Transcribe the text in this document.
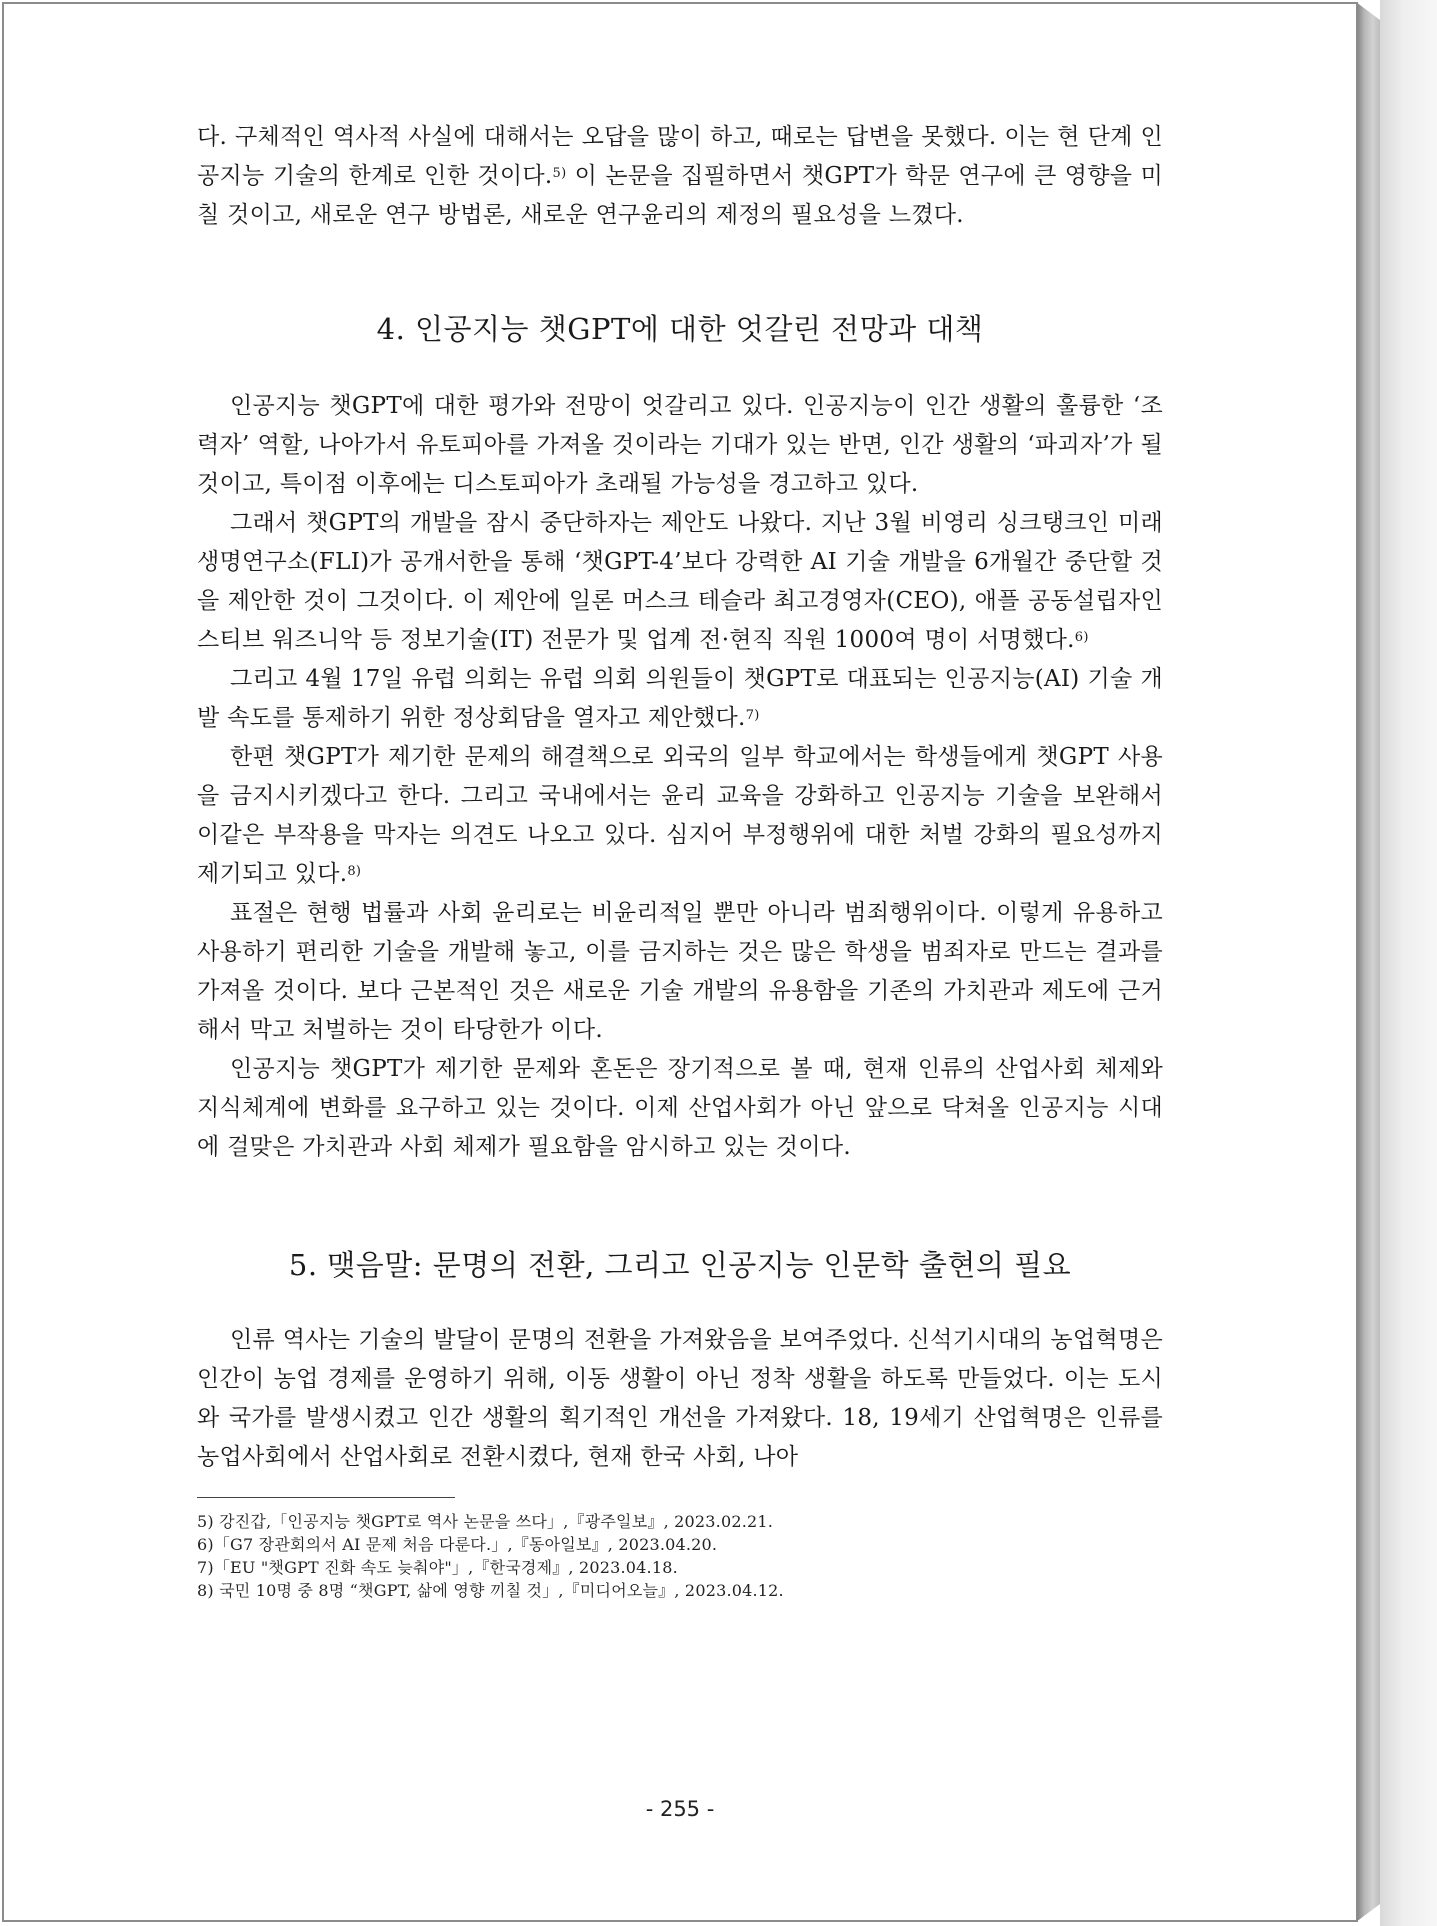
다. 구체적인 역사적 사실에 대해서는 오답을 많이 하고, 때로는 답변을 못했다. 이는 현 단계 인공지능 기술의 한계로 인한 것이다.$^{5)}$ 이 논문을 집필하면서 챗GPT가 학문 연구에 큰 영향을 미칠 것이고, 새로운 연구 방법론, 새로운 연구윤리의 제정의 필요성을 느꼈다.

4. 인공지능 챗GPT에 대한 엇갈린 전망과 대책

인공지능 챗GPT에 대한 평가와 전망이 엇갈리고 있다. 인공지능이 인간 생활의 훌륭한 ‘조력자’ 역할, 나아가서 유토피아를 가져올 것이라는 기대가 있는 반면, 인간 생활의 ‘파괴자’가 될 것이고, 특이점 이후에는 디스토피아가 초래될 가능성을 경고하고 있다.

그래서 챗GPT의 개발을 잠시 중단하자는 제안도 나왔다. 지난 3월 비영리 싱크탱크인 미래생명연구소(FLI)가 공개서한을 통해 ‘챗GPT-4’보다 강력한 AI 기술 개발을 6개월간 중단할 것을 제안한 것이 그것이다. 이 제안에 일론 머스크 테슬라 최고경영자(CEO), 애플 공동설립자인 스티브 워즈니악 등 정보기술(IT) 전문가 및 업계 전·현직 직원 1000여 명이 서명했다.$^{6)}$

그리고 4월 17일 유럽 의회는 유럽 의회 의원들이 챗GPT로 대표되는 인공지능(AI) 기술 개발 속도를 통제하기 위한 정상회담을 열자고 제안했다.$^{7)}$

한편 챗GPT가 제기한 문제의 해결책으로 외국의 일부 학교에서는 학생들에게 챗GPT 사용을 금지시키겠다고 한다. 그리고 국내에서는 윤리 교육을 강화하고 인공지능 기술을 보완해서 이같은 부작용을 막자는 의견도 나오고 있다. 심지어 부정행위에 대한 처벌 강화의 필요성까지 제기되고 있다.$^{8)}$

표절은 현행 법률과 사회 윤리로는 비윤리적일 뿐만 아니라 범죄행위이다. 이렇게 유용하고 사용하기 편리한 기술을 개발해 놓고, 이를 금지하는 것은 많은 학생을 범죄자로 만드는 결과를 가져올 것이다. 보다 근본적인 것은 새로운 기술 개발의 유용함을 기존의 가치관과 제도에 근거해서 막고 처벌하는 것이 타당한가 이다.

인공지능 챗GPT가 제기한 문제와 혼돈은 장기적으로 볼 때, 현재 인류의 산업사회 체제와 지식체계에 변화를 요구하고 있는 것이다. 이제 산업사회가 아닌 앞으로 닥쳐올 인공지능 시대에 걸맞은 가치관과 사회 체제가 필요함을 암시하고 있는 것이다.

5. 맺음말: 문명의 전환, 그리고 인공지능 인문학 출현의 필요

인류 역사는 기술의 발달이 문명의 전환을 가져왔음을 보여주었다. 신석기시대의 농업혁명은 인간이 농업 경제를 운영하기 위해, 이동 생활이 아닌 정착 생활을 하도록 만들었다. 이는 도시와 국가를 발생시켰고 인간 생활의 획기적인 개선을 가져왔다. 18, 19세기 산업혁명은 인류를 농업사회에서 산업사회로 전환시켰다, 현재 한국 사회, 나아

5) 강진갑,「인공지능 챗GPT로 역사 논문을 쓰다」,『광주일보』, 2023.02.21.
6)「G7 장관회의서 AI 문제 처음 다룬다.」,『동아일보』, 2023.04.20.
7)「EU "챗GPT 진화 속도 늦춰야"」,『한국경제』, 2023.04.18.
8) 국민 10명 중 8명 “챗GPT, 삶에 영향 끼칠 것」,『미디어오늘』, 2023.04.12.
- 255 -
